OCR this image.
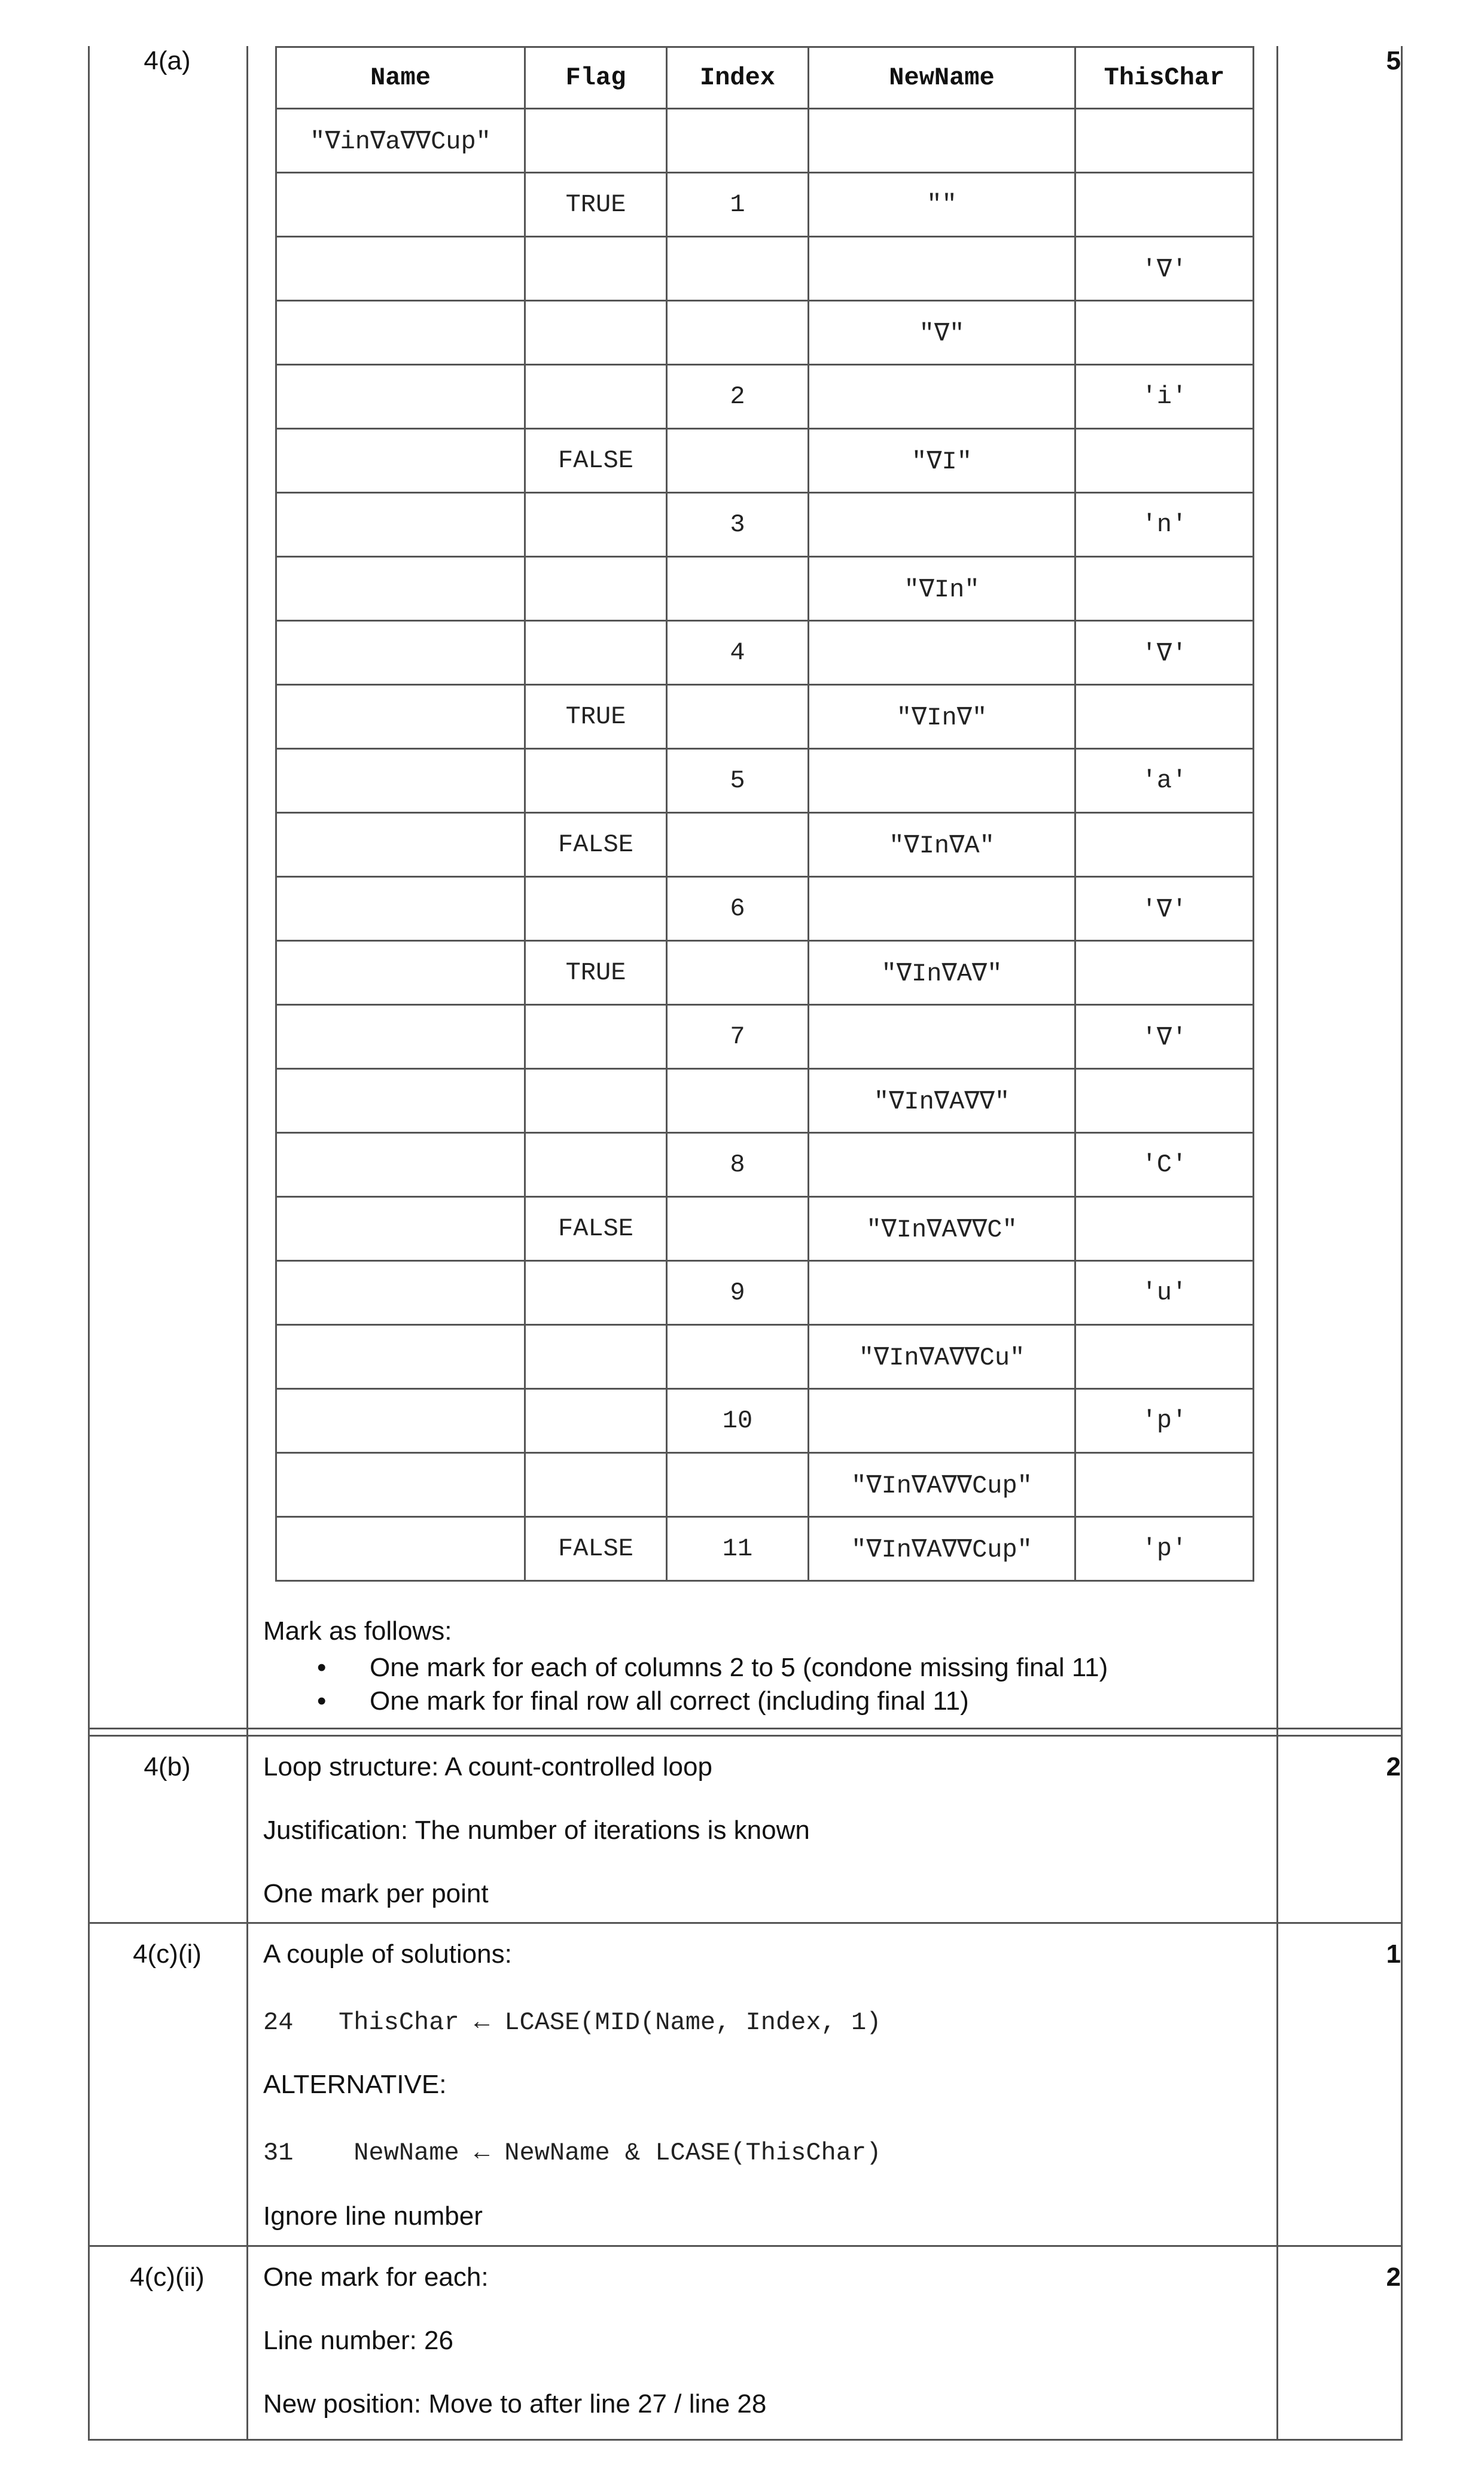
4(a)	5
Name	Flag	Index	NewName	ThisChar
"∇in∇a∇∇Cup"				
	TRUE	1	""	
				'∇'
			"∇"	
		2		'i'
	FALSE		"∇I"	
		3		'n'
			"∇In"	
		4		'∇'
	TRUE		"∇In∇"	
		5		'a'
	FALSE		"∇In∇A"	
		6		'∇'
	TRUE		"∇In∇A∇"	
		7		'∇'
			"∇In∇A∇∇"	
		8		'C'
	FALSE		"∇In∇A∇∇C"	
		9		'u'
			"∇In∇A∇∇Cu"	
		10		'p'
			"∇In∇A∇∇Cup"	
	FALSE	11	"∇In∇A∇∇Cup"	'p'
Mark as follows:
• One mark for each of columns 2 to 5 (condone missing final 11)
• One mark for final row all correct (including final 11)
4(b)	2
Loop structure: A count-controlled loop
Justification: The number of iterations is known
One mark per point
4(c)(i)	1
A couple of solutions:
24   ThisChar ← LCASE(MID(Name, Index, 1)
ALTERNATIVE:
31    NewName ← NewName & LCASE(ThisChar)
Ignore line number
4(c)(ii)	2
One mark for each:
Line number: 26
New position: Move to after line 27 / line 28
